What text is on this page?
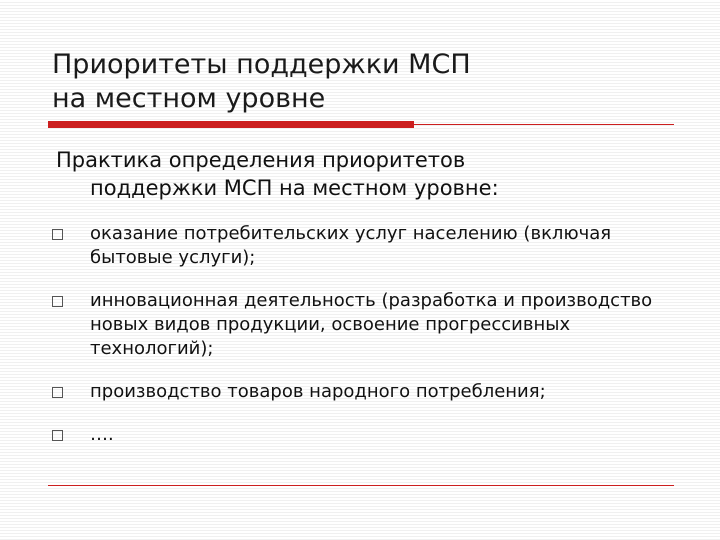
Приоритеты поддержки МСП
на местном уровне
Практика определения приоритетов
поддержки МСП на местном уровне:
оказание потребительских услуг населению (включая бытовые услуги);
инновационная деятельность (разработка и производство новых видов продукции, освоение прогрессивных технологий);
производство товаров народного потребления;
….
